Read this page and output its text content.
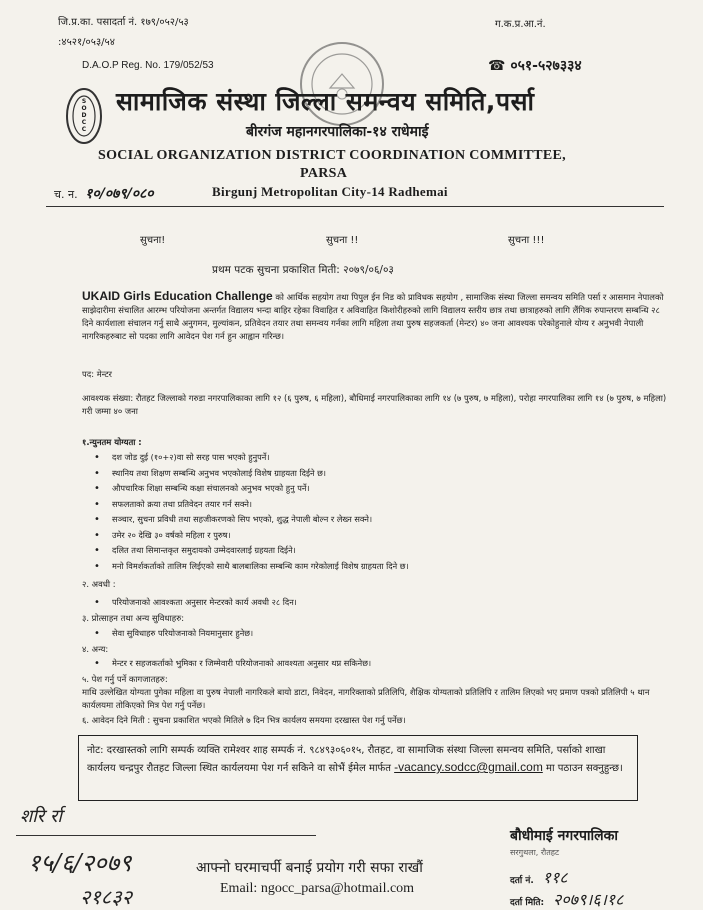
जि.प्र.का. पसादर्ता नं. १७९/०५२/५३
:४५२१/०५३/५४
ग.क.प्र.आ.नं.
D.A.O.P Reg. No. 179/052/53	☎ ०५१-५२७३३४
SODCC
सामाजिक संस्था जिल्ला समन्वय समिति,पर्सा
बीरगंज महानगरपालिका-१४ राधेमाई
SOCIAL ORGANIZATION DISTRICT COORDINATION COMMITTEE,
PARSA
च. न. १०/०७९/०८०	Birgunj Metropolitan City-14 Radhemai
सुचना!	सुचना !!	सुचना !!!
प्रथम पटक सुचना प्रकाशित मिती: २०७९/०६/०३
UKAID Girls Education Challenge को आर्थिक सहयोग तथा पिपुल ईन निड को प्राविधक सहयोग , सामाजिक संस्था जिल्ला समन्वय समिति पर्सा र आसमान नेपालको साझेदारीमा संचालित आरम्भ परियोजना अन्तर्गत विद्यालय भन्दा बाहिर रहेका विवाहित र अविवाहित किशोरीहरुको लागि विद्यालय स्तरीय छात्र तथा छात्राहरुको लागि लैंगिक रुपान्तरण सम्बन्धि २८ दिने कार्यशाला संचालन गर्नु साथै अनुगमन, मुल्यांकन, प्रतिवेदन तयार तथा समन्वय गर्नका लागि महिला तथा पुरुष सहजकर्ता (मेन्टर) ४० जना आवश्यक परेकोहुनाले योग्य र अनुभवी नेपाली नागरिकहरुबाट सो पदका लागि आवेदन पेश गर्न हुन आह्वान गरिन्छ।
पद: मेन्टर
आवश्यक संख्या: रौतहट जिल्लाको गरुडा नगरपालिकाका लागि १२ (६ पुरुष, ६ महिला), बौधिमाई नगरपालिकाका लागि १४ (७ पुरुष, ७ महिला), परोहा नगरपालिका लागि १४ (७ पुरुष, ७ महिला) गरी जम्मा ४० जना
१.न्युनतम योग्यता :
• दश जोड दुई (१०+२)वा सो सरह पास भएको हुनुपर्ने।
• स्थानिय तथा शिक्षण सम्बन्धि अनुभव भएकोलाई विशेष ग्राहयता दिईने छ।
• औपचारिक शिक्षा सम्बन्धि कक्षा संचालनको अनुभव भएको हुनु पर्ने।
• सफलताको क्रया तथा प्रतिवेदन तयार गर्न सक्ने।
• सञ्चार, सुचना प्रविधी तथा सहजीकरणको सिप भएको, शुद्ध नेपाली बोल्न र लेख्न सक्ने।
• उमेर २० देखि ३० वर्षको महिला र पुरुष।
• दलित तथा सिमान्तकृत समुदायको उम्मेदवारलाई ग्रहयता दिईने।
• मनो विमर्शकर्ताको तालिम लिईएको साथै बालबालिका सम्बन्धि काम गरेकोलाई विशेष ग्राहयता दिने छ।
२. अवधी :
• परियोजनाको आवश्कता अनुसार मेन्टरको कार्य अवधी २८ दिन।
३. प्रोत्साहन तथा अन्य सुविधाहरु:
• सेवा सुविधाहरु परियोजनाको नियमानुसार हुनेछ।
४. अन्य:
• मेन्टर र सहजकर्ताको भुमिका र जिम्मेवारी परियोजनाको आवश्यता अनुसार थप्न सकिनेछ।
५. पेश गर्नु पर्ने कागजातहरु:
माथि उल्लेखित योग्यता पुगेका महिला वा पुरुष नेपाली नागरिकले बायो डाटा, निवेदन, नागरिक्ताको प्रतिलिपि, शैक्षिक योग्यताको प्रतिलिपि र तालिम लिएको भए प्रमाण पत्रको प्रतिलिपी ५ थान कार्यलयमा तोकिएको मित्र पेश गर्नु पर्नेछ।
६. आवेदन दिने मिती : सुचना प्रकाशित भएको मितिले ७ दिन भित्र कार्यलय समयमा दरखास्त पेश गर्नु पर्नेछ।
नोट: दरखास्तको लागि सम्पर्क व्यक्ति रामेश्वर शाह सम्पर्क नं. ९८४९३०६०१५, रौतहट, वा सामाजिक संस्था जिल्ला समन्वय समिति, पर्साको शाखा कार्यलय चन्द्रपुर रौतहट जिल्ला स्थित कार्यलयमा पेश गर्न सकिने वा सोभैं ईमेल मार्फत -vacancy.sodcc@gmail.com मा पठाउन सक्नुहुन्छ।
शरि र्रा
१५/६/२०७९
२१८३२
आफ्नो घरमाचर्पी बनाई प्रयोग गरी सफा राखौं
Email: ngocc_parsa@hotmail.com
बौधीमाई नगरपालिका
सरगुथला, रौतहट
दर्ता नं. ११८
दर्ता मिति: २०७९।६।१८
